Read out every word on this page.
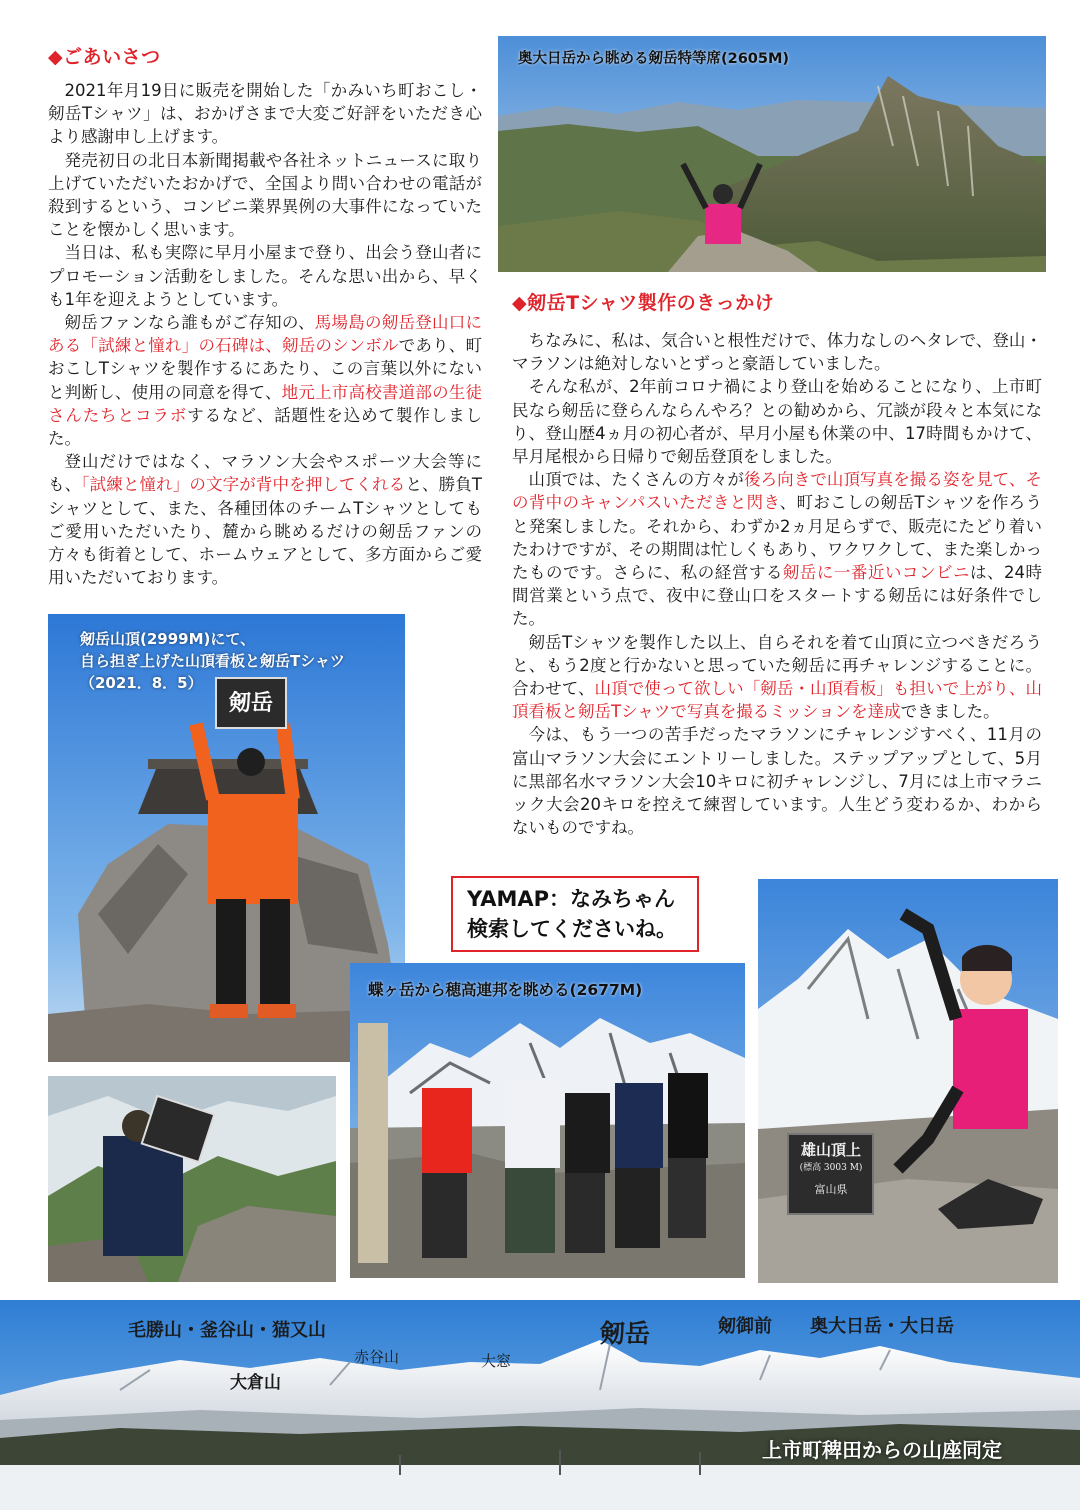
◆ごあいさつ

2021年月19日に販売を開始した「かみいち町おこし・剱岳Tシャツ」は、おかげさまで大変ご好評をいただき心より感謝申し上げます。

発売初日の北日本新聞掲載や各社ネットニュースに取り上げていただいたおかげで、全国より問い合わせの電話が殺到するという、コンビニ業界異例の大事件になっていたことを懐かしく思います。

当日は、私も実際に早月小屋まで登り、出会う登山者にプロモーション活動をしました。そんな思い出から、早くも1年を迎えようとしています。

剱岳ファンなら誰もがご存知の、馬場島の剱岳登山口にある「試練と憧れ」の石碑は、剱岳のシンボルであり、町おこしTシャツを製作するにあたり、この言葉以外にないと判断し、使用の同意を得て、地元上市高校書道部の生徒さんたちとコラボするなど、話題性を込めて製作しました。

登山だけではなく、マラソン大会やスポーツ大会等にも、「試練と憧れ」の文字が背中を押してくれると、勝負Tシャツとして、また、各種団体のチームTシャツとしてもご愛用いただいたり、麓から眺めるだけの剱岳ファンの方々も街着として、ホームウェアとして、多方面からご愛用いただいております。

奥大日岳から眺める剱岳特等席(2605M)
◆剱岳Tシャツ製作のきっかけ

ちなみに、私は、気合いと根性だけで、体力なしのヘタレで、登山・マラソンは絶対しないとずっと豪語していました。

そんな私が、2年前コロナ禍により登山を始めることになり、上市町民なら剱岳に登らんならんやろ？との勧めから、冗談が段々と本気になり、登山歴4ヵ月の初心者が、早月小屋も休業の中、17時間もかけて、早月尾根から日帰りで剱岳登頂をしました。

山頂では、たくさんの方々が後ろ向きで山頂写真を撮る姿を見て、その背中のキャンパスいただきと閃き、町おこしの剱岳Tシャツを作ろうと発案しました。それから、わずか2ヵ月足らずで、販売にたどり着いたわけですが、その期間は忙しくもあり、ワクワクして、また楽しかったものです。さらに、私の経営する剱岳に一番近いコンビニは、24時間営業という点で、夜中に登山口をスタートする剱岳には好条件でした。

剱岳Tシャツを製作した以上、自らそれを着て山頂に立つべきだろうと、もう2度と行かないと思っていた剱岳に再チャレンジすることに。合わせて、山頂で使って欲しい「剱岳・山頂看板」も担いで上がり、山頂看板と剱岳Tシャツで写真を撮るミッションを達成できました。

今は、もう一つの苦手だったマラソンにチャレンジすべく、11月の富山マラソン大会にエントリーしました。ステップアップとして、5月に黒部名水マラソン大会10キロに初チャレンジし、7月には上市マラニック大会20キロを控えて練習しています。人生どう変わるか、わからないものですね。

剱岳山頂(2999M)にて、
自ら担ぎ上げた山頂看板と剱岳Tシャツ
（2021．8．5）
剱岳
YAMAP：なみちゃん
検索してくださいね。
蝶ヶ岳から穂高連邦を眺める(2677M)
雄山頂上
(標高 3003 M)
富山県
毛勝山・釜谷山・猫又山
大倉山
赤谷山	大窓
剱岳	剱御前 奥大日岳・大日岳
上市町稗田からの山座同定
